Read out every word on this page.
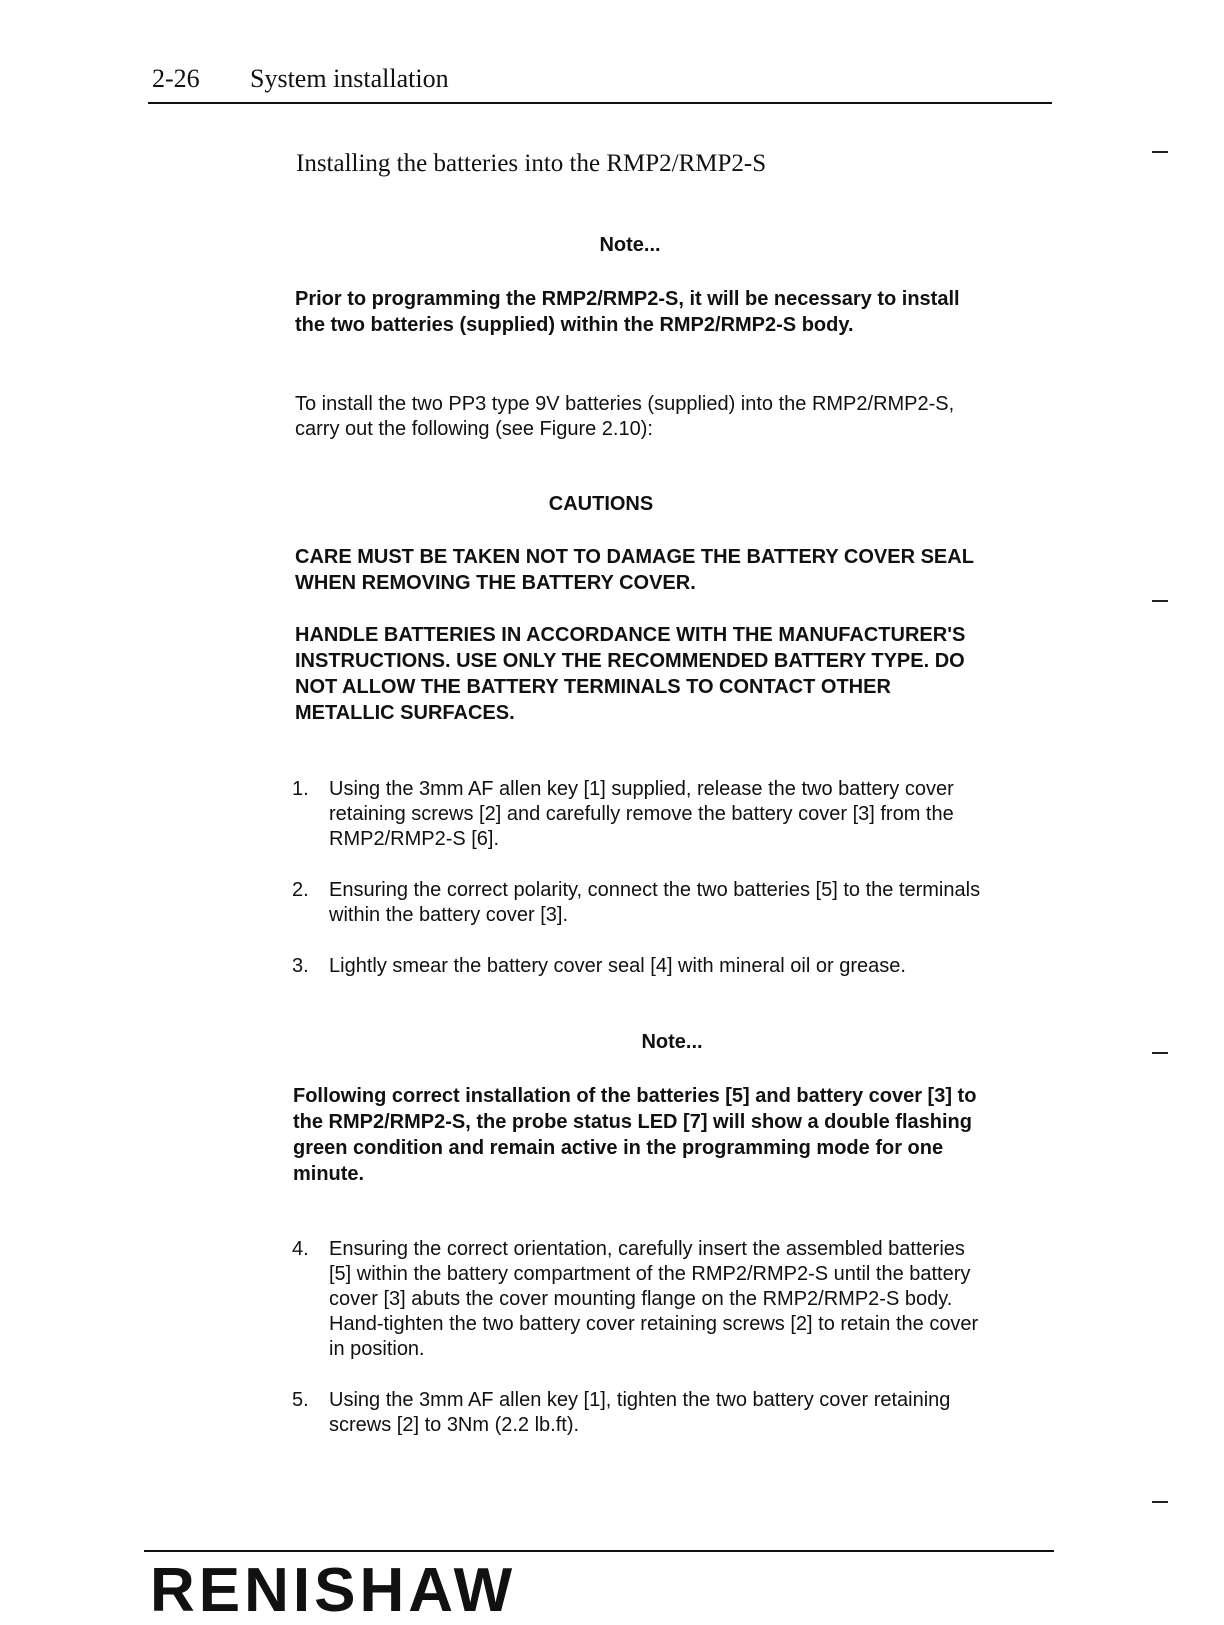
2-26 System installation
Installing the batteries into the RMP2/RMP2-S
Note...
Prior to programming the RMP2/RMP2-S, it will be necessary to install
the two batteries (supplied) within the RMP2/RMP2-S body.
To install the two PP3 type 9V batteries (supplied) into the RMP2/RMP2-S,
carry out the following (see Figure 2.10):
CAUTIONS
CARE MUST BE TAKEN NOT TO DAMAGE THE BATTERY COVER SEAL
WHEN REMOVING THE BATTERY COVER.
HANDLE BATTERIES IN ACCORDANCE WITH THE MANUFACTURER'S
INSTRUCTIONS. USE ONLY THE RECOMMENDED BATTERY TYPE. DO
NOT ALLOW THE BATTERY TERMINALS TO CONTACT OTHER
METALLIC SURFACES.
1.	Using the 3mm AF allen key [1] supplied, release the two battery cover
retaining screws [2] and carefully remove the battery cover [3] from the
RMP2/RMP2-S [6].
2.	Ensuring the correct polarity, connect the two batteries [5] to the terminals
within the battery cover [3].
3.	Lightly smear the battery cover seal [4] with mineral oil or grease.
Note...
Following correct installation of the batteries [5] and battery cover [3] to
the RMP2/RMP2-S, the probe status LED [7] will show a double flashing
green condition and remain active in the programming mode for one
minute.
4.	Ensuring the correct orientation, carefully insert the assembled batteries
[5] within the battery compartment of the RMP2/RMP2-S until the battery
cover [3] abuts the cover mounting flange on the RMP2/RMP2-S body.
Hand-tighten the two battery cover retaining screws [2] to retain the cover
in position.
5.	Using the 3mm AF allen key [1], tighten the two battery cover retaining
screws [2] to 3Nm (2.2 lb.ft).
RENISHAW
